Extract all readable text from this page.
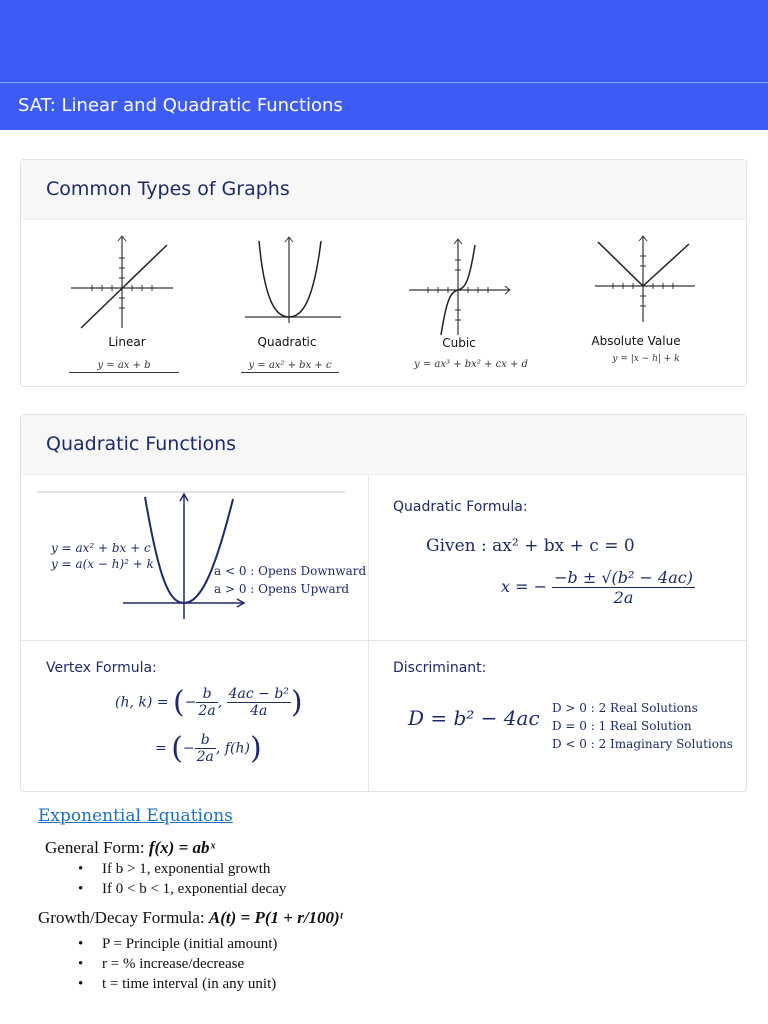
SAT: Linear and Quadratic Functions
Common Types of Graphs
Linear
y = ax + b
Quadratic
y = ax² + bx + c
Cubic
y = ax³ + bx² + cx + d
Absolute Value
y = |x − h| + k
Quadratic Functions
y = ax² + bx + c
y = a(x − h)² + k	a < 0 : Opens Downward
a > 0 : Opens Upward
Quadratic Formula:
Given : ax² + bx + c = 0
x = − $\frac{\text{−b ± √(b² − 4ac)}}{2a}$
Vertex Formula:
(h, k) = (− $\frac{b}{2a}$ , $\frac{\text{4ac − b²}}{4a}$ )
= (− $\frac{b}{2a}$ , f(h))
Discriminant:
D = b² − 4ac D > 0 : 2 Real Solutions
D = 0 : 1 Real Solution
D < 0 : 2 Imaginary Solutions
Exponential Equations
General Form: f(x) = abˣ
• If b > 1, exponential growth
• If 0 < b < 1, exponential decay
Growth/Decay Formula: A(t) = P(1 + r/100)ᵗ
• P = Principle (initial amount)
• r = % increase/decrease
• t = time interval (in any unit)
